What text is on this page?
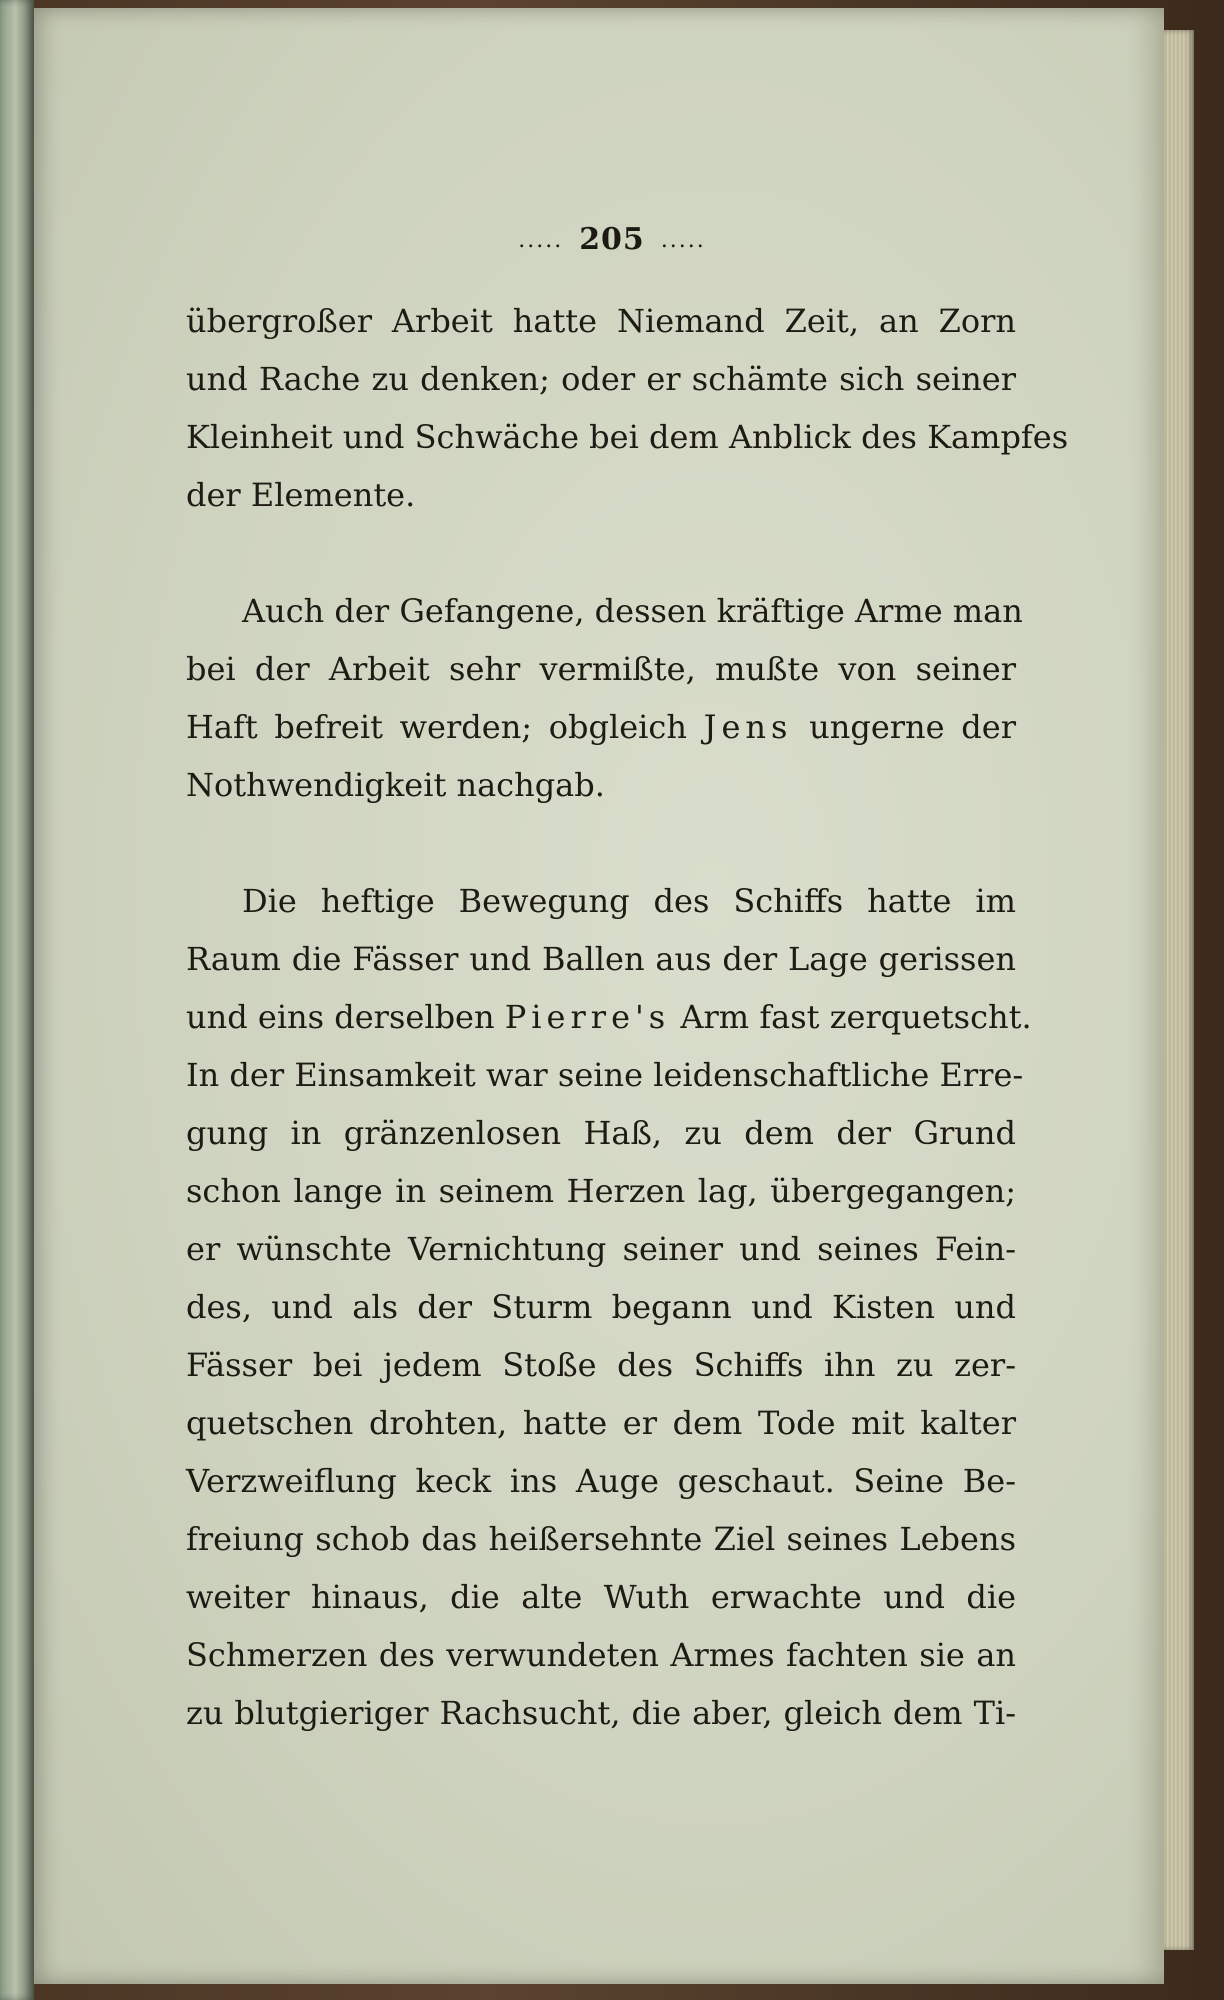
..... 205 .....
übergroßer Arbeit hatte Niemand Zeit, an Zorn
und Rache zu denken; oder er schämte sich seiner
Kleinheit und Schwäche bei dem Anblick des Kampfes
der Elemente.
Auch der Gefangene, dessen kräftige Arme man
bei der Arbeit sehr vermißte, mußte von seiner
Haft befreit werden; obgleich Jens ungerne der
Nothwendigkeit nachgab.
Die heftige Bewegung des Schiffs hatte im
Raum die Fässer und Ballen aus der Lage gerissen
und eins derselben Pierre's Arm fast zerquetscht.
In der Einsamkeit war seine leidenschaftliche Erre-
gung in gränzenlosen Haß, zu dem der Grund
schon lange in seinem Herzen lag, übergegangen;
er wünschte Vernichtung seiner und seines Fein-
des, und als der Sturm begann und Kisten und
Fässer bei jedem Stoße des Schiffs ihn zu zer-
quetschen drohten, hatte er dem Tode mit kalter
Verzweiflung keck ins Auge geschaut. Seine Be-
freiung schob das heißersehnte Ziel seines Lebens
weiter hinaus, die alte Wuth erwachte und die
Schmerzen des verwundeten Armes fachten sie an
zu blutgieriger Rachsucht, die aber, gleich dem Ti-
